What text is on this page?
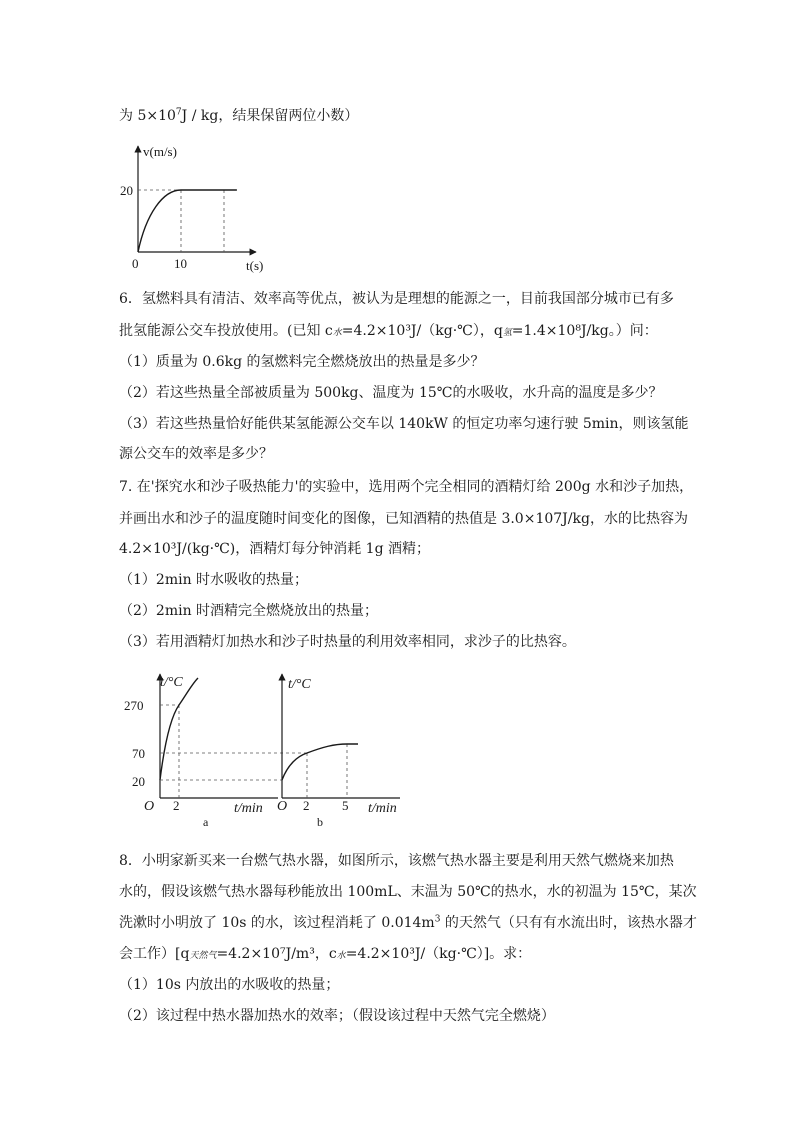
为 $5\times 10^7J$ / kg，结果保留两位小数）
v(m/s)
t(s)
20
0	10
6．氢燃料具有清洁、效率高等优点，被认为是理想的能源之一，目前我国部分城市已有多
批氢能源公交车投放使用。(已知 c水=4.2×10³J/（kg·℃），q氢=1.4×10⁸J/kg。）问：
（1）质量为 0.6kg 的氢燃料完全燃烧放出的热量是多少？
（2）若这些热量全部被质量为 500kg、温度为 15℃的水吸收，水升高的温度是多少？
（3）若这些热量恰好能供某氢能源公交车以 140kW 的恒定功率匀速行驶 5min，则该氢能
源公交车的效率是多少？
7. 在'探究水和沙子吸热能力'的实验中，选用两个完全相同的酒精灯给 200g 水和沙子加热，
并画出水和沙子的温度随时间变化的图像，已知酒精的热值是 3.0×107J/kg，水的比热容为
4.2×10³J/(kg·℃)，酒精灯每分钟消耗 1g 酒精；
（1）2min 时水吸收的热量；
（2）2min 时酒精完全燃烧放出的热量；
（3）若用酒精灯加热水和沙子时热量的利用效率相同，求沙子的比热容。
t/°C
t/min
O
270
70
20
2
a
t/°C
t/min
O 2	5
b
8．小明家新买来一台燃气热水器，如图所示，该燃气热水器主要是利用天然气燃烧来加热
水的，假设该燃气热水器每秒能放出 100mL、末温为 50℃的热水，水的初温为 15℃，某次
洗漱时小明放了 10s 的水，该过程消耗了 $0.014m^3$ 的天然气（只有有水流出时，该热水器才
会工作）[q天然气=4.2×10⁷J/m³，c水=4.2×10³J/（kg·℃）]。求：
（1）10s 内放出的水吸收的热量；
（2）该过程中热水器加热水的效率；（假设该过程中天然气完全燃烧）
